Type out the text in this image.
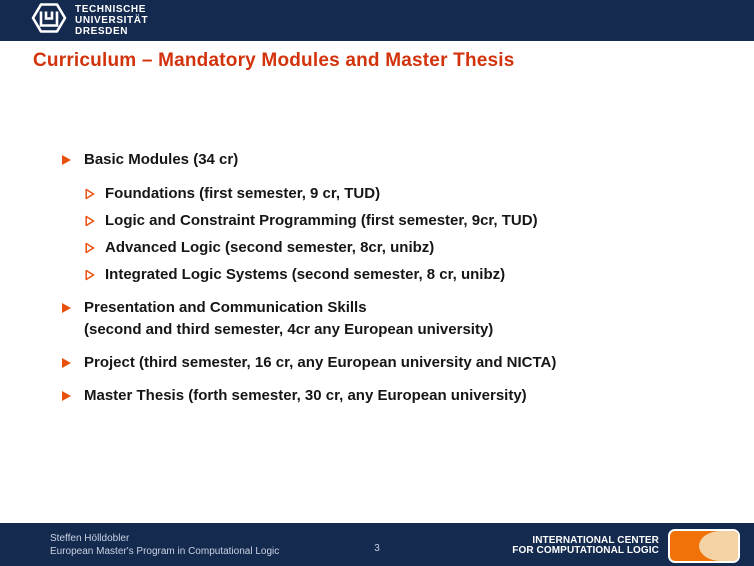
TECHNISCHE
UNIVERSITÄT
DRESDEN
Curriculum – Mandatory Modules and Master Thesis
Basic Modules (34 cr)
Foundations (first semester, 9 cr, TUD)
Logic and Constraint Programming (first semester, 9cr, TUD)
Advanced Logic (second semester, 8cr, unibz)
Integrated Logic Systems (second semester, 8 cr, unibz)
Presentation and Communication Skills
(second and third semester, 4cr any European university)
Project (third semester, 16 cr, any European university and NICTA)
Master Thesis (forth semester, 30 cr, any European university)
Steffen Hölldobler
European Master's Program in Computational Logic	3
INTERNATIONAL CENTER
FOR COMPUTATIONAL LOGIC
